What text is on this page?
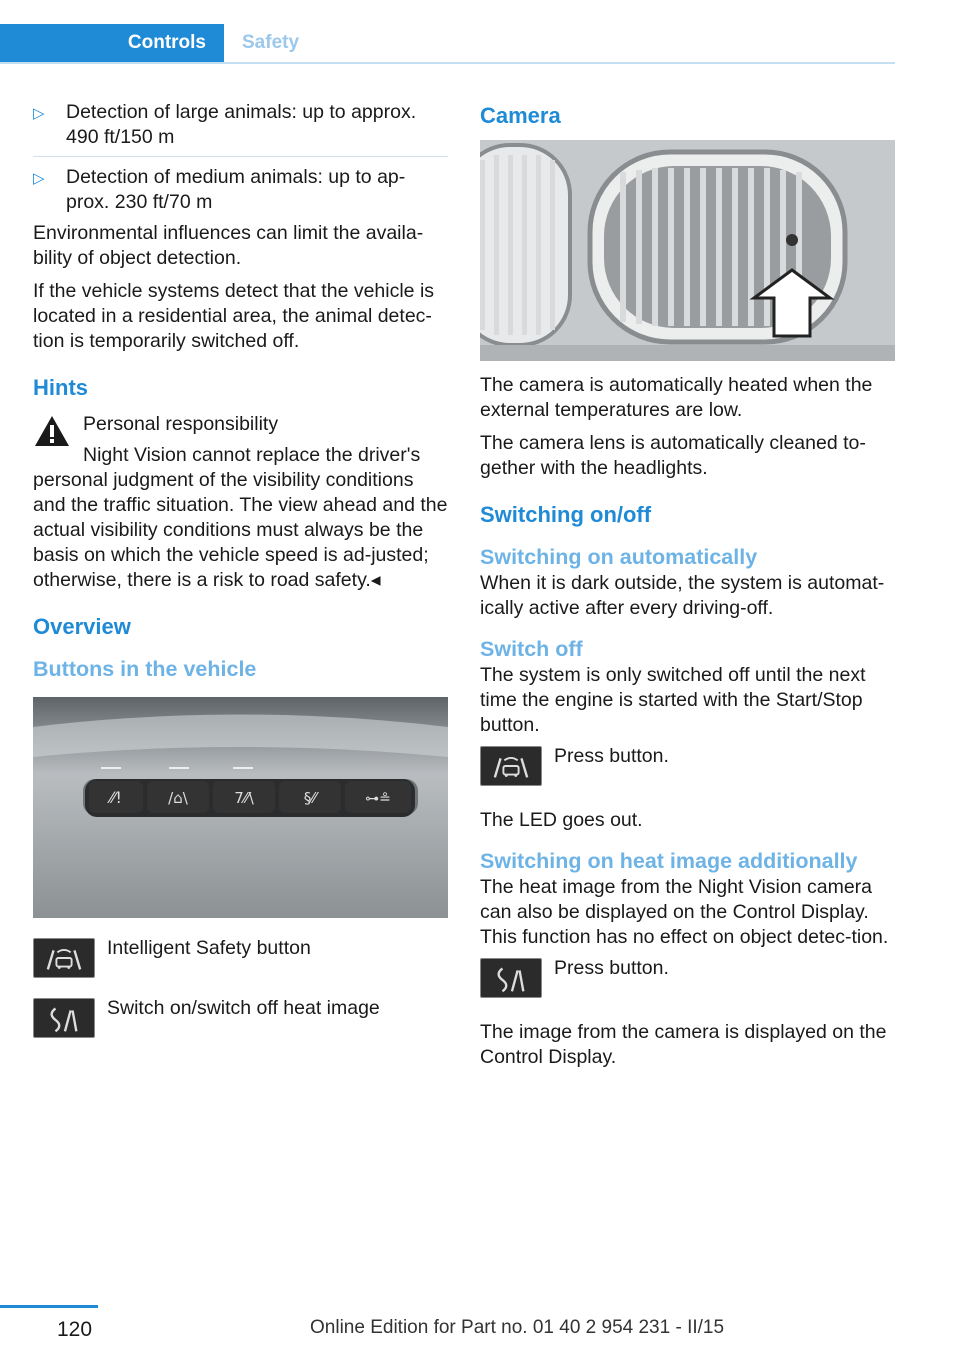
Controls	Safety
▷ Detection of large animals: up to approx. 490 ft/150 m
▷ Detection of medium animals: up to ap‐prox. 230 ft/70 m

Environmental influences can limit the availa‐bility of object detection.

If the vehicle systems detect that the vehicle is located in a residential area, the animal detec‐tion is temporarily switched off.

Hints

Personal responsibility

Night Vision cannot replace the driver's personal judgment of the visibility conditions and the traffic situation. The view ahead and the actual visibility conditions must always be the basis on which the vehicle speed is ad‐justed; otherwise, there is a risk to road safety.◂

Overview
Buttons in the vehicle
⁄⁄!	/⌂\	7⁄⁄\	§⁄⁄	⊶≗
Intelligent Safety button
Switch on/switch off heat image
Camera

The camera is automatically heated when the external temperatures are low.

The camera lens is automatically cleaned to‐gether with the headlights.

Switching on/off
Switching on automatically

When it is dark outside, the system is automat‐ically active after every driving-off.

Switch off

The system is only switched off until the next time the engine is started with the Start/Stop button.

Press button.

The LED goes out.

Switching on heat image additionally

The heat image from the Night Vision camera can also be displayed on the Control Display. This function has no effect on object detec‐tion.

Press button.

The image from the camera is displayed on the Control Display.

120	Online Edition for Part no. 01 40 2 954 231 - II/15
